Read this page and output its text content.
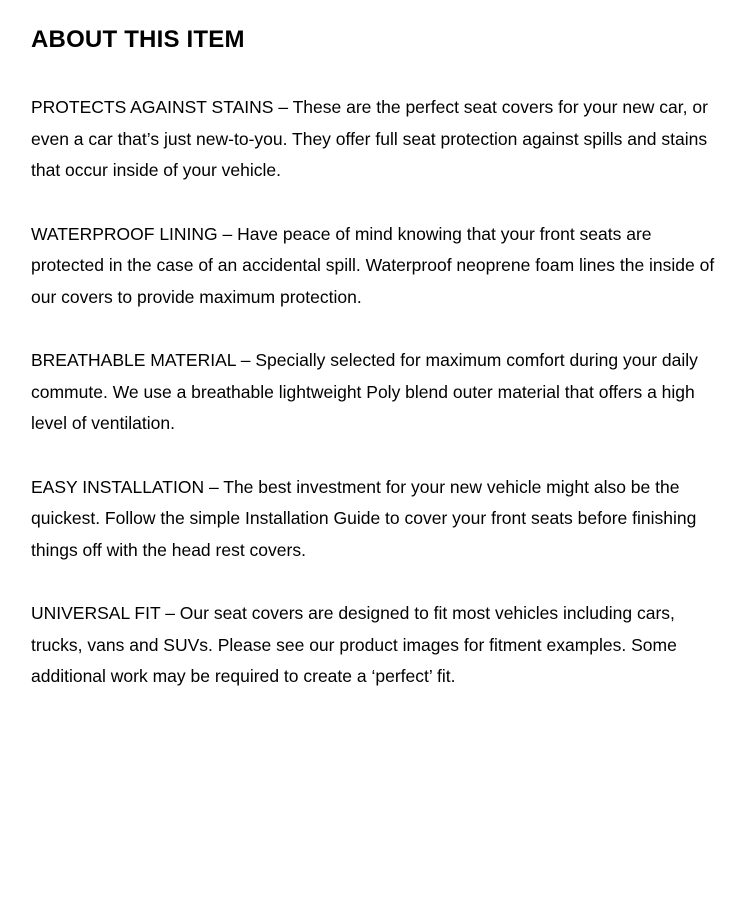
ABOUT THIS ITEM

PROTECTS AGAINST STAINS – These are the perfect seat covers for your new car, or even a car that’s just new-to-you. They offer full seat protection against spills and stains that occur inside of your vehicle.

WATERPROOF LINING – Have peace of mind knowing that your front seats are protected in the case of an accidental spill. Waterproof neoprene foam lines the inside of our covers to provide maximum protection.

BREATHABLE MATERIAL – Specially selected for maximum comfort during your daily commute. We use a breathable lightweight Poly blend outer material that offers a high level of ventilation.

EASY INSTALLATION – The best investment for your new vehicle might also be the quickest. Follow the simple Installation Guide to cover your front seats before finishing things off with the head rest covers.

UNIVERSAL FIT – Our seat covers are designed to fit most vehicles including cars, trucks, vans and SUVs. Please see our product images for fitment examples. Some additional work may be required to create a ‘perfect’ fit.
